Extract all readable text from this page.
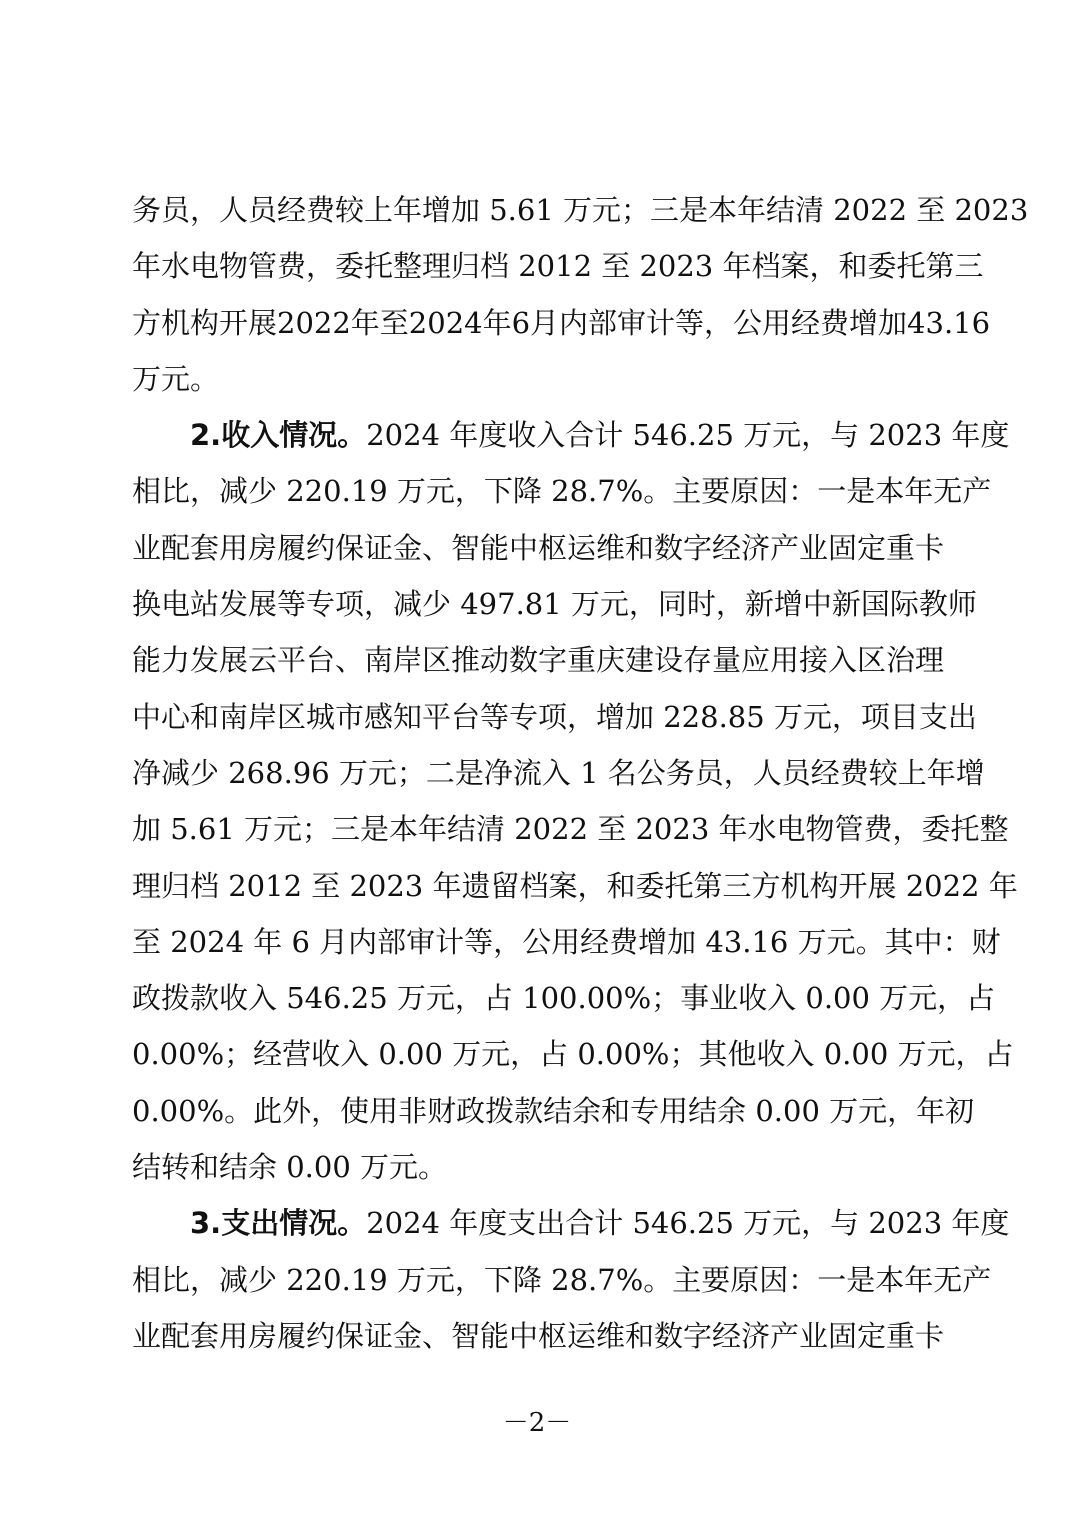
务员，人员经费较上年增加 5.61 万元；三是本年结清 2022 至 2023
年水电物管费，委托整理归档 2012 至 2023 年档案，和委托第三
方机构开展2022年至2024年6月内部审计等，公用经费增加43.16
万元。
2.收入情况。2024 年度收入合计 546.25 万元，与 2023 年度
相比，减少 220.19 万元，下降 28.7%。主要原因：一是本年无产
业配套用房履约保证金、智能中枢运维和数字经济产业固定重卡
换电站发展等专项，减少 497.81 万元，同时，新增中新国际教师
能力发展云平台、南岸区推动数字重庆建设存量应用接入区治理
中心和南岸区城市感知平台等专项，增加 228.85 万元，项目支出
净减少 268.96 万元；二是净流入 1 名公务员，人员经费较上年增
加 5.61 万元；三是本年结清 2022 至 2023 年水电物管费，委托整
理归档 2012 至 2023 年遗留档案，和委托第三方机构开展 2022 年
至 2024 年 6 月内部审计等，公用经费增加 43.16 万元。其中：财
政拨款收入 546.25 万元，占 100.00%；事业收入 0.00 万元，占
0.00%；经营收入 0.00 万元，占 0.00%；其他收入 0.00 万元，占
0.00%。此外，使用非财政拨款结余和专用结余 0.00 万元，年初
结转和结余 0.00 万元。
3.支出情况。2024 年度支出合计 546.25 万元，与 2023 年度
相比，减少 220.19 万元，下降 28.7%。主要原因：一是本年无产
业配套用房履约保证金、智能中枢运维和数字经济产业固定重卡
－2－
